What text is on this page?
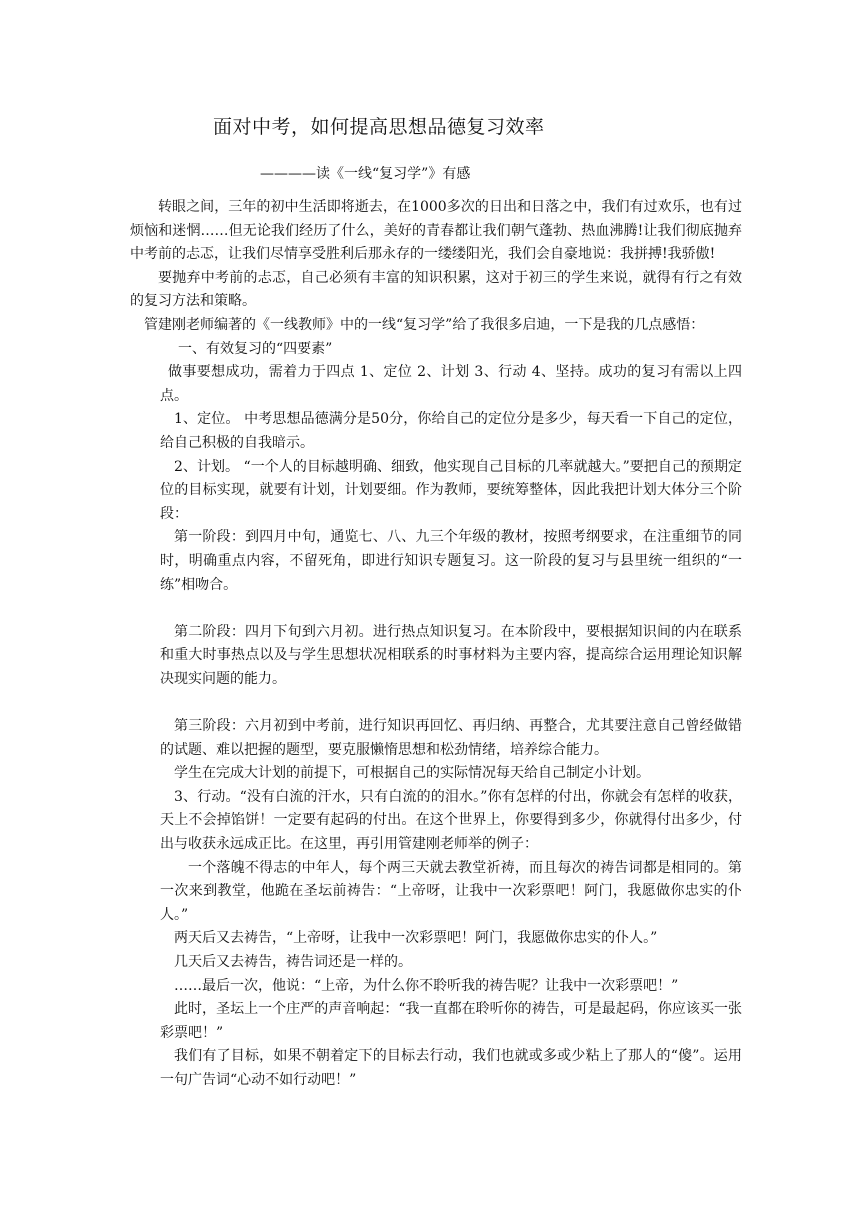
面对中考，如何提高思想品德复习效率
————读《一线“复习学”》有感

转眼之间，三年的初中生活即将逝去，在1000多次的日出和日落之中，我们有过欢乐，也有过烦恼和迷惘……但无论我们经历了什么，美好的青春都让我们朝气蓬勃、热血沸腾!让我们彻底抛弃中考前的忐忑，让我们尽情享受胜利后那永存的一缕缕阳光，我们会自豪地说：我拼搏!我骄傲!

要抛弃中考前的忐忑，自己必须有丰富的知识积累，这对于初三的学生来说，就得有行之有效的复习方法和策略。

管建刚老师编著的《一线教师》中的一线“复习学”给了我很多启迪，一下是我的几点感悟：

一、有效复习的“四要素”

做事要想成功，需着力于四点 1、定位 2、计划 3、行动 4、坚持。成功的复习有需以上四点。

1、定位。 中考思想品德满分是50分，你给自己的定位分是多少，每天看一下自己的定位，给自己积极的自我暗示。

2、计划。 “一个人的目标越明确、细致，他实现自己目标的几率就越大。”要把自己的预期定位的目标实现，就要有计划，计划要细。作为教师，要统筹整体，因此我把计划大体分三个阶段：

第一阶段：到四月中旬，通览七、八、九三个年级的教材，按照考纲要求，在注重细节的同时，明确重点内容，不留死角，即进行知识专题复习。这一阶段的复习与县里统一组织的“一练”相吻合。

第二阶段：四月下旬到六月初。进行热点知识复习。在本阶段中，要根据知识间的内在联系和重大时事热点以及与学生思想状况相联系的时事材料为主要内容，提高综合运用理论知识解决现实问题的能力。

第三阶段：六月初到中考前，进行知识再回忆、再归纳、再整合，尤其要注意自己曾经做错的试题、难以把握的题型，要克服懒惰思想和松劲情绪，培养综合能力。

学生在完成大计划的前提下，可根据自己的实际情况每天给自己制定小计划。

3、行动。“没有白流的汗水，只有白流的的泪水。”你有怎样的付出，你就会有怎样的收获，天上不会掉馅饼！一定要有起码的付出。在这个世界上，你要得到多少，你就得付出多少，付出与收获永远成正比。在这里，再引用管建刚老师举的例子：

一个落魄不得志的中年人，每个两三天就去教堂祈祷，而且每次的祷告词都是相同的。第一次来到教堂，他跪在圣坛前祷告：“上帝呀，让我中一次彩票吧！阿门，我愿做你忠实的仆人。”

两天后又去祷告，“上帝呀，让我中一次彩票吧！阿门，我愿做你忠实的仆人。”

几天后又去祷告，祷告词还是一样的。

……最后一次，他说：“上帝，为什么你不聆听我的祷告呢？让我中一次彩票吧！”

此时，圣坛上一个庄严的声音响起：“我一直都在聆听你的祷告，可是最起码，你应该买一张彩票吧！”

我们有了目标，如果不朝着定下的目标去行动，我们也就或多或少粘上了那人的“傻”。运用一句广告词“心动不如行动吧！”
